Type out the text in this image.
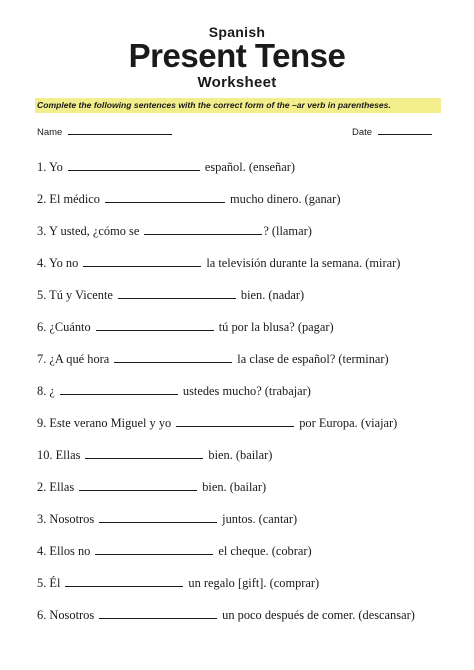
Spanish
Present Tense
Worksheet
Complete the following sentences with the correct form of the –ar verb in parentheses.
Name	Date
1. Yo	español. (enseñar)
2. El médico	mucho dinero. (ganar)
3. Y usted, ¿cómo se	? (llamar)
4. Yo no	la televisión durante la semana. (mirar)
5. Tú y Vicente	bien. (nadar)
6. ¿Cuánto	tú por la blusa? (pagar)
7. ¿A qué hora	la clase de español? (terminar)
8. ¿	ustedes mucho? (trabajar)
9. Este verano Miguel y yo	por Europa. (viajar)
10. Ellas	bien. (bailar)
2. Ellas	bien. (bailar)
3. Nosotros	juntos. (cantar)
4. Ellos no	el cheque. (cobrar)
5. Él	un regalo [gift]. (comprar)
6. Nosotros	un poco después de comer. (descansar)
